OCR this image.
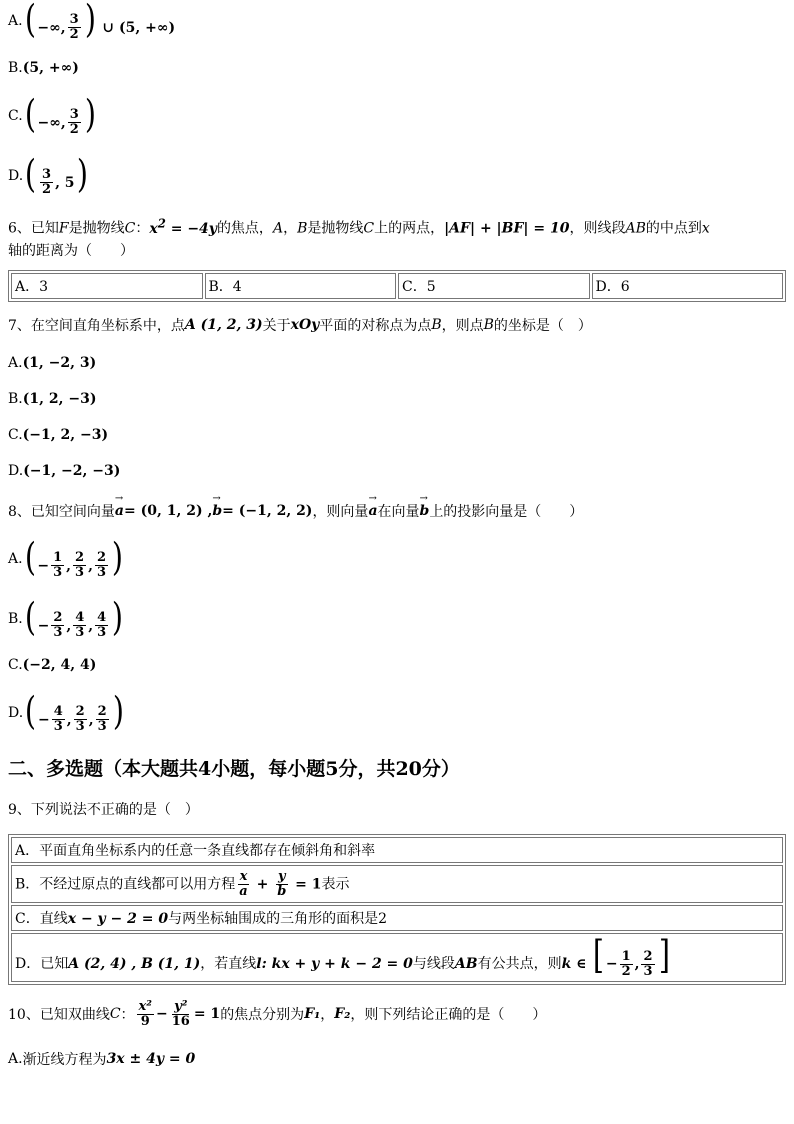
A. ( −∞, $\frac{3}{2}$ ) ∪ (5, +∞)
B. (5, +∞)
C. ( −∞, $\frac{3}{2}$ )
D. ( $\frac{3}{2}$ , 5)
6、已知F是抛物线C：$x^2 = -4y$的焦点，A，B是抛物线C上的两点，|AF| + |BF| = 10，则线段AB的中点到x
轴的距离为（　　）
A．3	B．4	C．5	D．6
7、 在空间直角坐标系中，点 A (1, 2, 3) 关于 xOy 平面的对称点为点 B ，则点 B 的坐标是（　）
A. (1, −2, 3)
B. (1, 2, −3)
C. (−1, 2, −3)
D. (−1, −2, −3)
8、 已知空间向量 → a = (0, 1, 2) , → b = (−1, 2, 2) ，则向量 → a 在向量 → b 上的投影向量是（　　）
A. ( − $\frac{1}{3}$ , $\frac{2}{3}$ , $\frac{2}{3}$ )
B. ( − $\frac{2}{3}$ , $\frac{4}{3}$ , $\frac{4}{3}$ )
C. (−2, 4, 4)
D. ( − $\frac{4}{3}$ , $\frac{2}{3}$ , $\frac{2}{3}$ )
二、多选题（本大题共4小题，每小题5分，共20分）
9、 下列说法不正确的是（　）
A．平面直角坐标系内的任意一条直线都存在倾斜角和斜率
B．不经过原点的直线都可以用方程 $\frac{x}{a} + \frac{y}{b} = 1$表示
C．直线x − y − 2 = 0与两坐标轴围成的三角形的面积是2
D．已知A (2, 4) , B (1, 1)，若直线l: kx + y + k − 2 = 0与线段AB有公共点，则k ∈ [ − $\frac{1}{2}$ , $\frac{2}{3}$ ]
10、 已知双曲线 C ： $\frac{\text{x²}}{9} - \frac{\text{y²}}{16} = 1$ 的焦点分别为 F₁ ， F₂ ，则下列结论正确的是（　　）
A. 渐近线方程为 3x ± 4y = 0
